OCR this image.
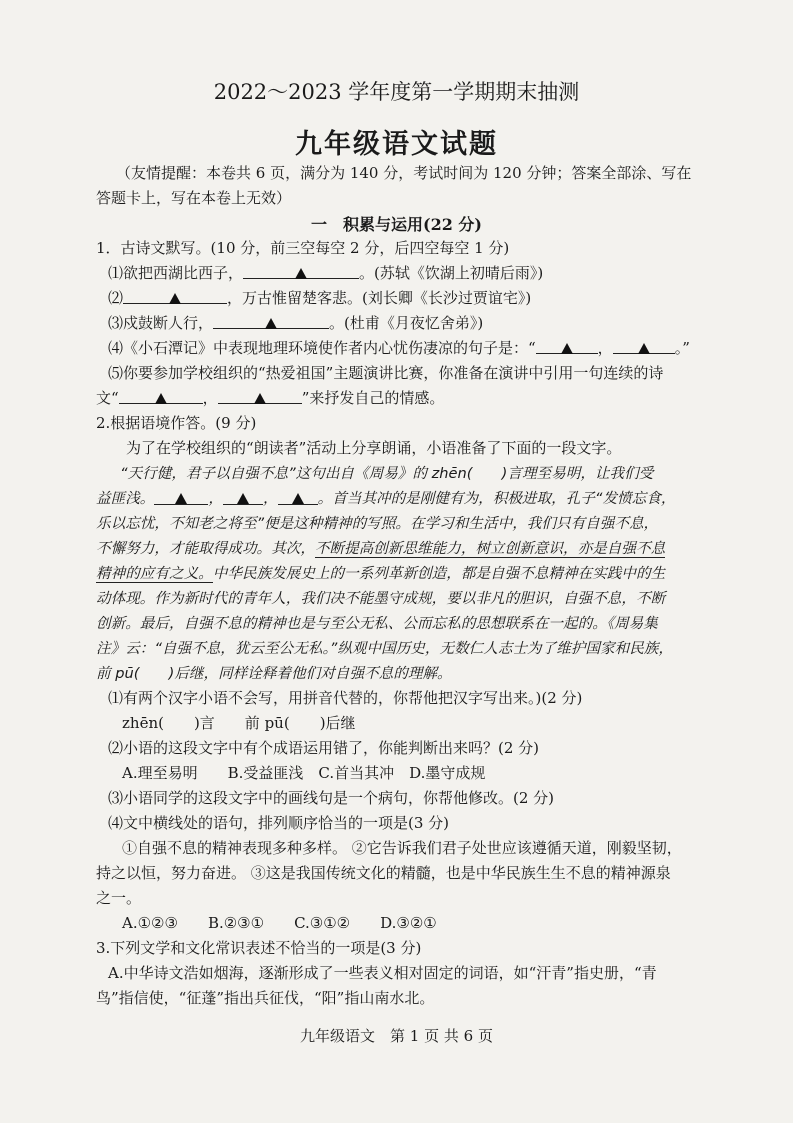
2022～2023 学年度第一学期期末抽测
九年级语文试题
（友情提醒：本卷共 6 页，满分为 140 分，考试时间为 120 分钟；答案全部涂、写在
答题卡上，写在本卷上无效）
一　积累与运用(22 分)
1．古诗文默写。(10 分，前三空每空 2 分，后四空每空 1 分)
⑴欲把西湖比西子，	。(苏轼《饮湖上初晴后雨》)
⑵	，万古惟留楚客悲。(刘长卿《长沙过贾谊宅》)
⑶戍鼓断人行，	。(杜甫《月夜忆舍弟》)
⑷《小石潭记》中表现地理环境使作者内心忧伤凄凉的句子是：“	，	。”
⑸你要参加学校组织的“热爱祖国”主题演讲比赛，你准备在演讲中引用一句连续的诗
文“	，	”来抒发自己的情感。
2.根据语境作答。(9 分)
为了在学校组织的“朗读者”活动上分享朗诵，小语准备了下面的一段文字。
“天行健，君子以自强不息”这句出自《周易》的 zhēn(　　)言理至易明，让我们受
益匪浅。	，	，	。首当其冲的是刚健有为，积极进取，孔子“发愤忘食，
乐以忘忧，不知老之将至”便是这种精神的写照。在学习和生活中，我们只有自强不息，
不懈努力，才能取得成功。其次，不断提高创新思维能力，树立创新意识，亦是自强不息
精神的应有之义。中华民族发展史上的一系列革新创造，都是自强不息精神在实践中的生
动体现。作为新时代的青年人，我们决不能墨守成规，要以非凡的胆识，自强不息，不断
创新。最后，自强不息的精神也是与至公无私、公而忘私的思想联系在一起的。《周易集
注》云：“自强不息，犹云至公无私。”纵观中国历史，无数仁人志士为了维护国家和民族，
前 pū(　　)后继，同样诠释着他们对自强不息的理解。
⑴有两个汉字小语不会写，用拼音代替的，你帮他把汉字写出来。)(2 分)
zhēn(　　)言　　前 pū(　　)后继
⑵小语的这段文字中有个成语运用错了，你能判断出来吗？(2 分)
A.理至易明　　B.受益匪浅　C.首当其冲　D.墨守成规
⑶小语同学的这段文字中的画线句是一个病句，你帮他修改。(2 分)
⑷文中横线处的语句，排列顺序恰当的一项是(3 分)
①自强不息的精神表现多种多样。 ②它告诉我们君子处世应该遵循天道，刚毅坚韧，
持之以恒，努力奋进。 ③这是我国传统文化的精髓，也是中华民族生生不息的精神源泉
之一。
A.①②③　　B.②③①　　C.③①②　　D.③②①
3.下列文学和文化常识表述不恰当的一项是(3 分)
A.中华诗文浩如烟海，逐渐形成了一些表义相对固定的词语，如“汗青”指史册，“青
鸟”指信使，“征蓬”指出兵征伐，“阳”指山南水北。
九年级语文　第 1 页 共 6 页
